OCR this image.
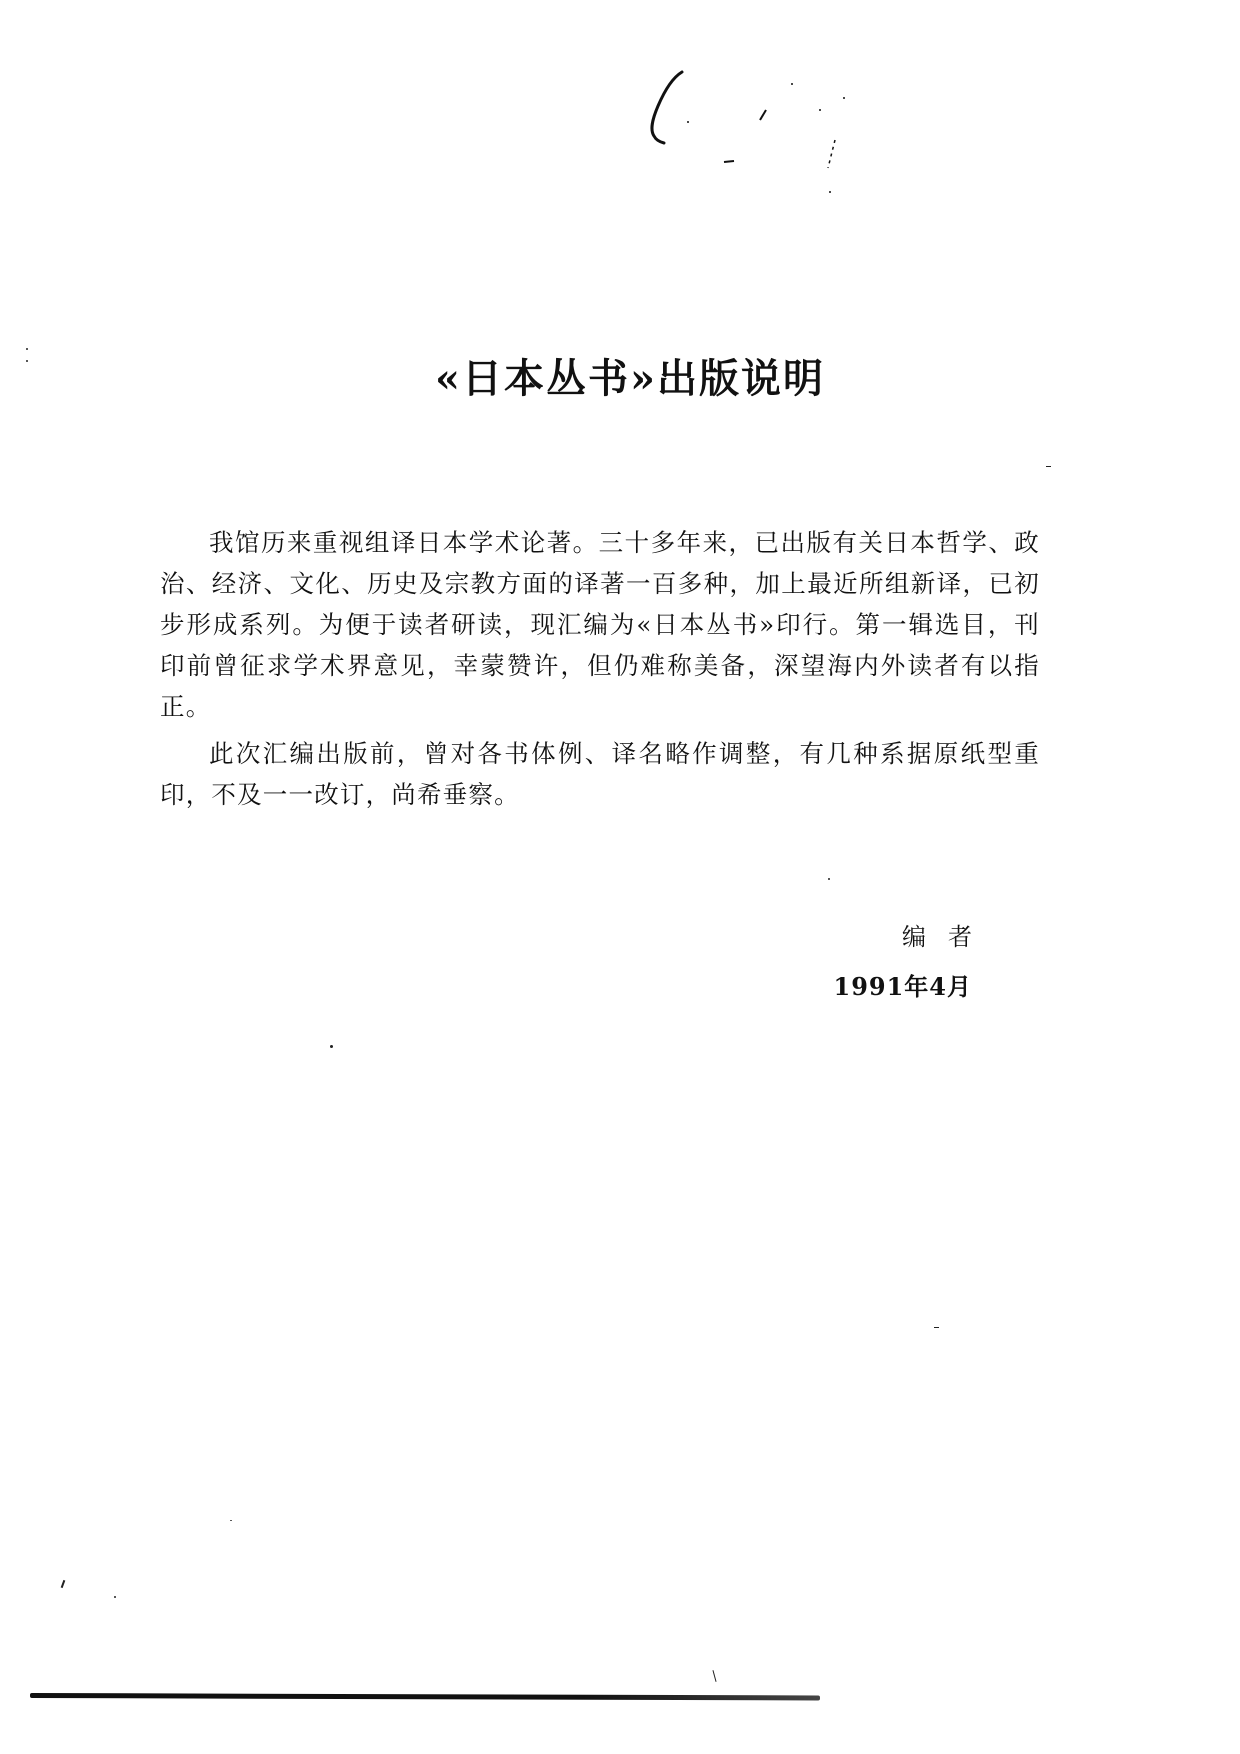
«日本丛书»出版说明

我馆历来重视组译日本学术论著。三十多年来，已出版有关日本哲学、政治、经济、文化、历史及宗教方面的译著一百多种，加上最近所组新译，已初步形成系列。为便于读者研读，现汇编为«日本丛书»印行。第一辑选目，刊印前曾征求学术界意见，幸蒙赞许，但仍难称美备，深望海内外读者有以指正。

此次汇编出版前，曾对各书体例、译名略作调整，有几种系据原纸型重印，不及一一改订，尚希垂察。

编者
1991年4月
